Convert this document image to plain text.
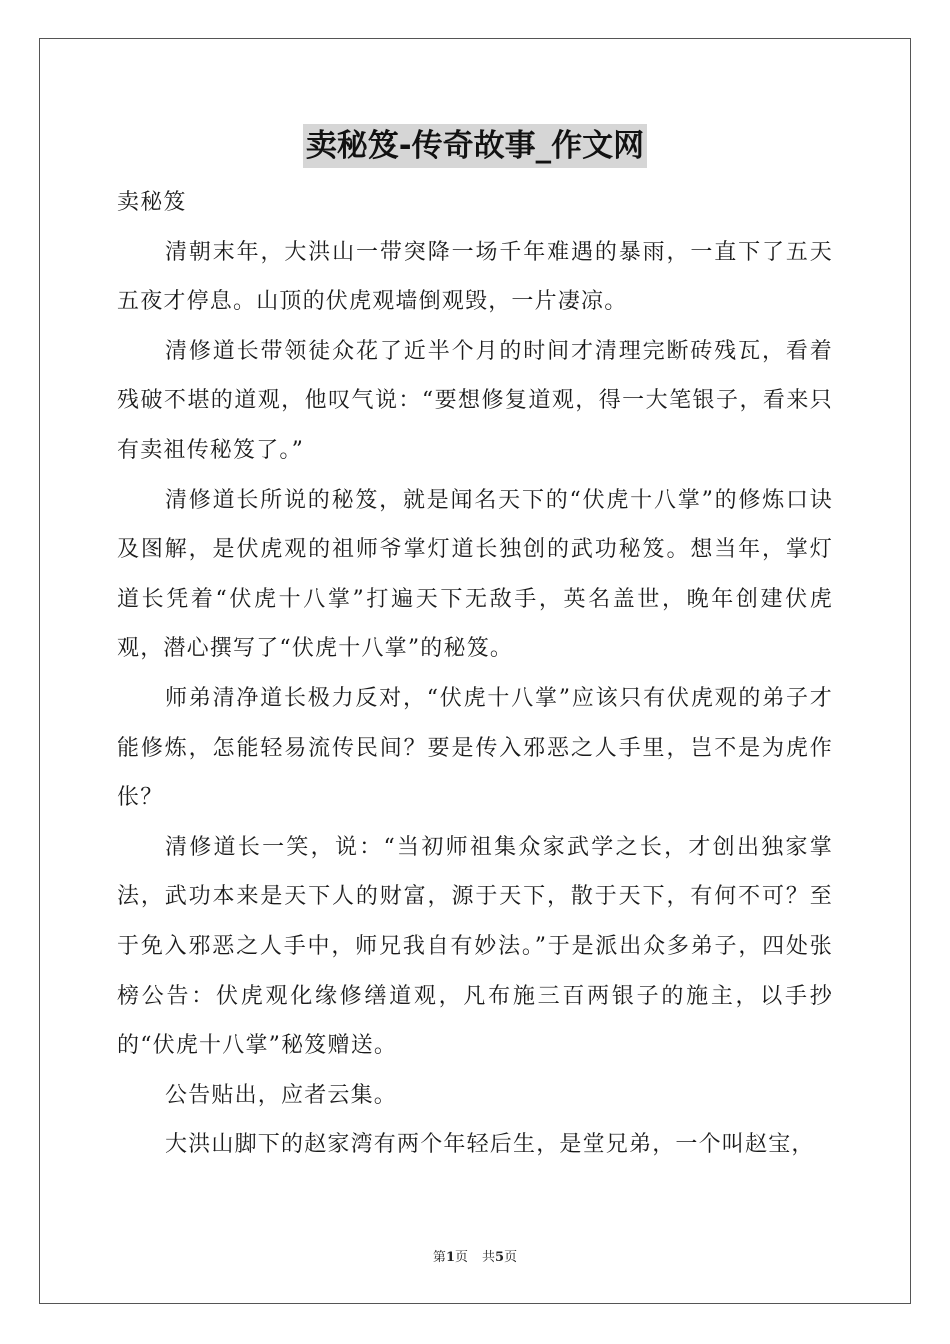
卖秘笈-传奇故事_作文网

卖秘笈

清朝末年，大洪山一带突降一场千年难遇的暴雨，一直下了五天五夜才停息。山顶的伏虎观墙倒观毁，一片凄凉。

清修道长带领徒众花了近半个月的时间才清理完断砖残瓦，看着残破不堪的道观，他叹气说：“要想修复道观，得一大笔银子，看来只有卖祖传秘笈了。”

清修道长所说的秘笈，就是闻名天下的“伏虎十八掌”的修炼口诀及图解，是伏虎观的祖师爷掌灯道长独创的武功秘笈。想当年，掌灯道长凭着“伏虎十八掌”打遍天下无敌手，英名盖世，晚年创建伏虎观，潜心撰写了“伏虎十八掌”的秘笈。

师弟清净道长极力反对，“伏虎十八掌”应该只有伏虎观的弟子才能修炼，怎能轻易流传民间？要是传入邪恶之人手里，岂不是为虎作伥？

清修道长一笑，说：“当初师祖集众家武学之长，才创出独家掌法，武功本来是天下人的财富，源于天下，散于天下，有何不可？至于免入邪恶之人手中，师兄我自有妙法。”于是派出众多弟子，四处张榜公告：伏虎观化缘修缮道观，凡布施三百两银子的施主，以手抄的“伏虎十八掌”秘笈赠送。

公告贴出，应者云集。

大洪山脚下的赵家湾有两个年轻后生，是堂兄弟，一个叫赵宝，

第1页 共5页
